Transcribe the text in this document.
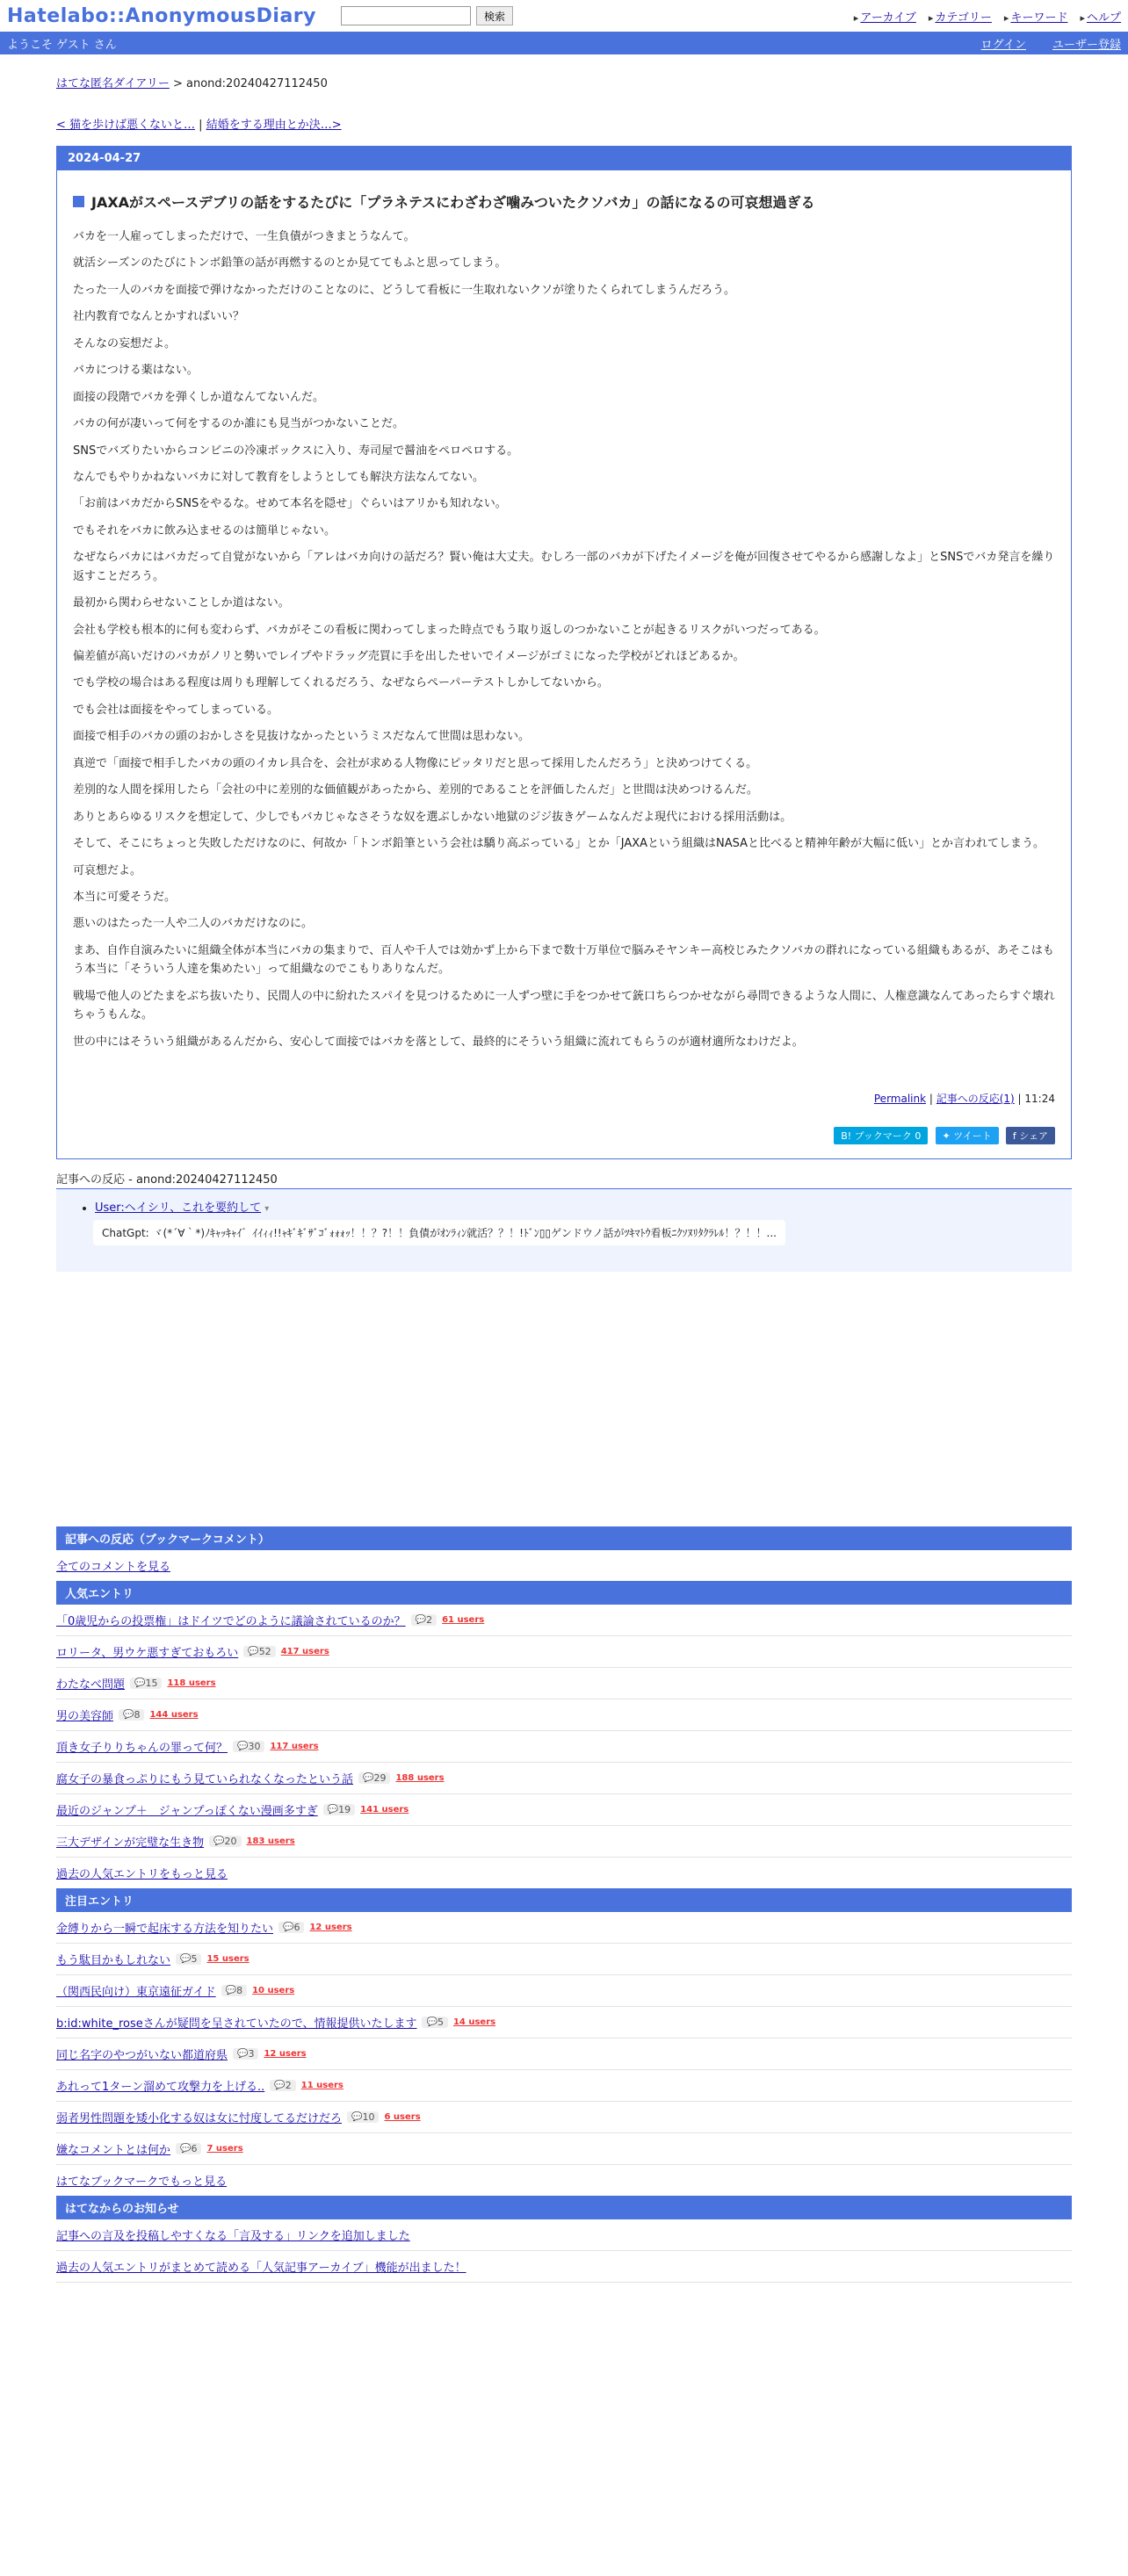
Hatelabo::AnonymousDiary	検索	▸ アーカイブ	▸ カテゴリー	▸ キーワード	▸ ヘルプ
ようこそ ゲスト さん	ログイン ユーザー登録
はてな匿名ダイアリー > anond:20240427112450
< 猫を歩けば悪くないと… | 結婚をする理由とか決…>
2024-04-27
JAXAがスペースデブリの話をするたびに「プラネテスにわざわざ噛みついたクソバカ」の話になるの可哀想過ぎる

バカを一人雇ってしまっただけで、一生負債がつきまとうなんて。

就活シーズンのたびにトンボ鉛筆の話が再燃するのとか見ててもふと思ってしまう。

たった一人のバカを面接で弾けなかっただけのことなのに、どうして看板に一生取れないクソが塗りたくられてしまうんだろう。

社内教育でなんとかすればいい？

そんなの妄想だよ。

バカにつける薬はない。

面接の段階でバカを弾くしか道なんてないんだ。

バカの何が凄いって何をするのか誰にも見当がつかないことだ。

SNSでバズりたいからコンビニの冷凍ボックスに入り、寿司屋で醤油をペロペロする。

なんでもやりかねないバカに対して教育をしようとしても解決方法なんてない。

「お前はバカだからSNSをやるな。せめて本名を隠せ」ぐらいはアリかも知れない。

でもそれをバカに飲み込ませるのは簡単じゃない。

なぜならバカにはバカだって自覚がないから「アレはバカ向けの話だろ？賢い俺は大丈夫。むしろ一部のバカが下げたイメージを俺が回復させてやるから感謝しなよ」とSNSでバカ発言を繰り返すことだろう。

最初から関わらせないことしか道はない。

会社も学校も根本的に何も変わらず、バカがそこの看板に関わってしまった時点でもう取り返しのつかないことが起きるリスクがいつだってある。

偏差値が高いだけのバカがノリと勢いでレイプやドラッグ売買に手を出したせいでイメージがゴミになった学校がどれほどあるか。

でも学校の場合はある程度は周りも理解してくれるだろう、なぜならペーパーテストしかしてないから。

でも会社は面接をやってしまっている。

面接で相手のバカの頭のおかしさを見抜けなかったというミスだなんて世間は思わない。

真逆で「面接で相手したバカの頭のイカレ具合を、会社が求める人物像にピッタリだと思って採用したんだろう」と決めつけてくる。

差別的な人間を採用したら「会社の中に差別的な価値観があったから、差別的であることを評価したんだ」と世間は決めつけるんだ。

ありとあらゆるリスクを想定して、少しでもバカじゃなさそうな奴を選ぶしかない地獄のジジ抜きゲームなんだよ現代における採用活動は。

そして、そこにちょっと失敗しただけなのに、何故か「トンボ鉛筆という会社は驕り高ぶっている」とか「JAXAという組織はNASAと比べると精神年齢が大幅に低い」とか言われてしまう。

可哀想だよ。

本当に可愛そうだ。

悪いのはたった一人や二人のバカだけなのに。

まあ、自作自演みたいに組織全体が本当にバカの集まりで、百人や千人では効かず上から下まで数十万単位で脳みそヤンキー高校じみたクソバカの群れになっている組織もあるが、あそこはもう本当に「そういう人達を集めたい」って組織なのでこもりありなんだ。

戦場で他人のどたまをぶち抜いたり、民間人の中に紛れたスパイを見つけるために一人ずつ壁に手をつかせて銃口ちらつかせながら尋問できるような人間に、人権意識なんてあったらすぐ壊れちゃうもんな。

世の中にはそういう組織があるんだから、安心して面接ではバカを落として、最終的にそういう組織に流れてもらうのが適材適所なわけだよ。

Permalink | 記事への反応(1) | 11:24
B! ブックマーク 0 ✦ ツイート f シェア
記事への反応 - anond:20240427112450
• User:ヘイシリ、これを要約して ▾
ChatGpt: ヾ(*´∀｀*)ﾉｷｬｯｷｬｲ゛ｲｲｨｨ!!ｬｷﾞｷﾞｻﾞｺﾞｫｫｫｯ！！？?！！負債がｵﾝﾗｨﾝ就活？？！!ﾄﾞﾝ▯▯ゲンドウノ話がﾂｷﾏﾄｳ看板ﾆｸｿﾇﾘﾀｸﾗﾚﾙ！？！！...
記事への反応（ブックマークコメント）
全てのコメントを見る
人気エントリ
「0歳児からの投票権」はドイツでどのように議論されているのか？ 💬 2 61 users
ロリータ、男ウケ悪すぎておもろい 💬 52 417 users
わたなべ問題 💬 15 118 users
男の美容師 💬 8 144 users
頂き女子りりちゃんの罪って何？ 💬 30 117 users
腐女子の暴食っぷりにもう見ていられなくなったという話 💬 29 188 users
最近のジャンプ＋　ジャンプっぽくない漫画多すぎ 💬 19 141 users
三大デザインが完璧な生き物 💬 20 183 users
過去の人気エントリをもっと見る
注目エントリ
金縛りから一瞬で起床する方法を知りたい 💬 6 12 users
もう駄目かもしれない 💬 5 15 users
（関西民向け）東京遠征ガイド 💬 8 10 users
b:id:white_roseさんが疑問を呈されていたので、情報提供いたします 💬 5 14 users
同じ名字のやつがいない都道府県 💬 3 12 users
あれって1ターン溜めて攻撃力を上げる.. 💬 2 11 users
弱者男性問題を矮小化する奴は女に忖度してるだけだろ 💬 10 6 users
嫌なコメントとは何か 💬 6 7 users
はてなブックマークでもっと見る
はてなからのお知らせ
記事への言及を投稿しやすくなる「言及する」リンクを追加しました
過去の人気エントリがまとめて読める「人気記事アーカイブ」機能が出ました！
